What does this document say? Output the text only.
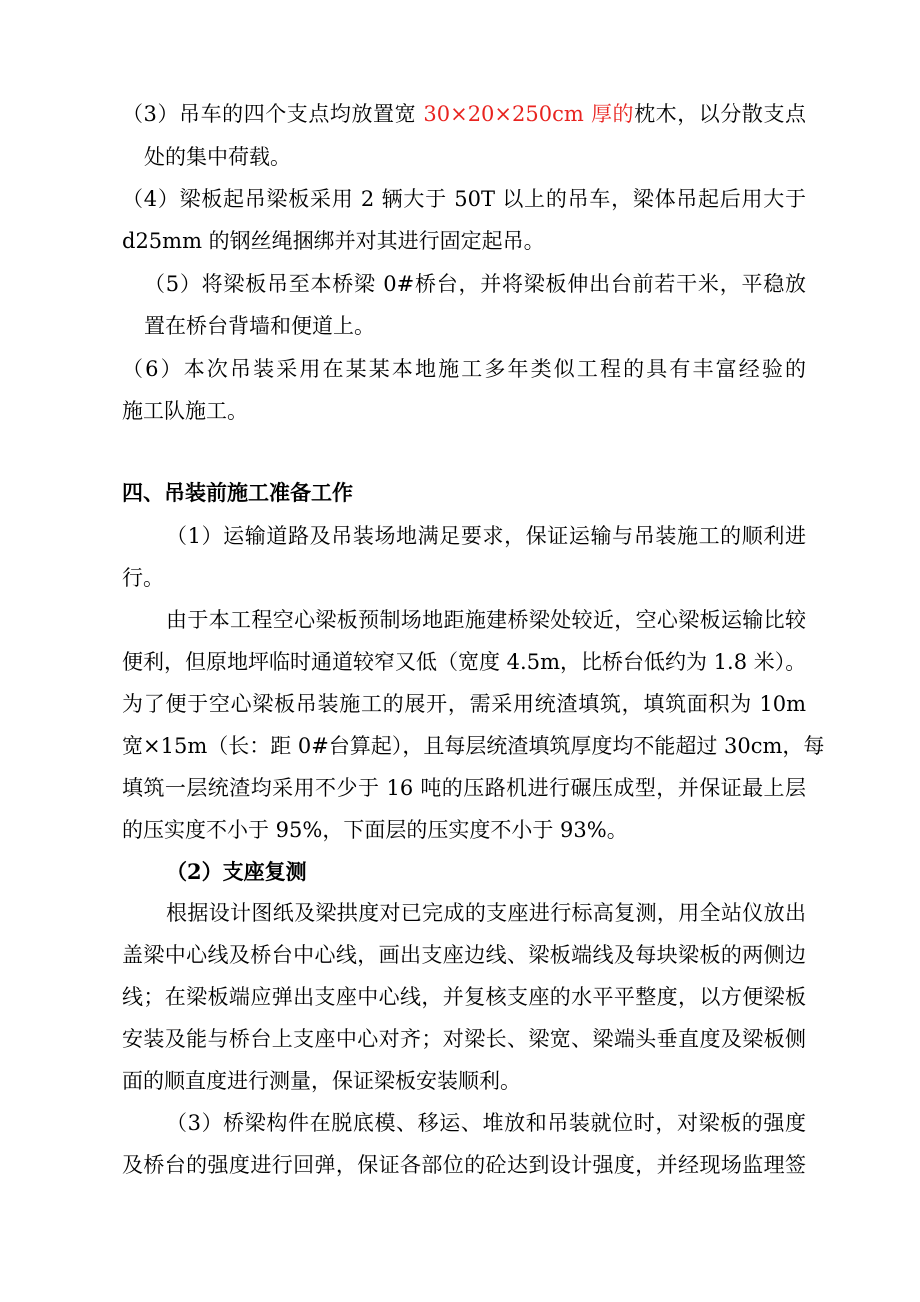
（3）吊车的四个支点均放置宽 30×20×250cm 厚的枕木，以分散支点
处的集中荷载。
（4）梁板起吊梁板采用 2 辆大于 50T 以上的吊车，梁体吊起后用大于
d25mm 的钢丝绳捆绑并对其进行固定起吊。
（5）将梁板吊至本桥梁 0#桥台，并将梁板伸出台前若干米，平稳放
置在桥台背墙和便道上。
（6）本次吊装采用在某某本地施工多年类似工程的具有丰富经验的
施工队施工。
四、吊装前施工准备工作
（1）运输道路及吊装场地满足要求，保证运输与吊装施工的顺利进
行。
由于本工程空心梁板预制场地距施建桥梁处较近，空心梁板运输比较
便利，但原地坪临时通道较窄又低（宽度 4.5m，比桥台低约为 1.8 米）。
为了便于空心梁板吊装施工的展开，需采用统渣填筑，填筑面积为 10m
宽×15m（长：距 0#台算起），且每层统渣填筑厚度均不能超过 30cm，每
填筑一层统渣均采用不少于 16 吨的压路机进行碾压成型，并保证最上层
的压实度不小于 95%，下面层的压实度不小于 93%。
（2）支座复测
根据设计图纸及梁拱度对已完成的支座进行标高复测，用全站仪放出
盖梁中心线及桥台中心线，画出支座边线、梁板端线及每块梁板的两侧边
线；在梁板端应弹出支座中心线，并复核支座的水平平整度，以方便梁板
安装及能与桥台上支座中心对齐；对梁长、梁宽、梁端头垂直度及梁板侧
面的顺直度进行测量，保证梁板安装顺利。
（3）桥梁构件在脱底模、移运、堆放和吊装就位时，对梁板的强度
及桥台的强度进行回弹，保证各部位的砼达到设计强度，并经现场监理签
